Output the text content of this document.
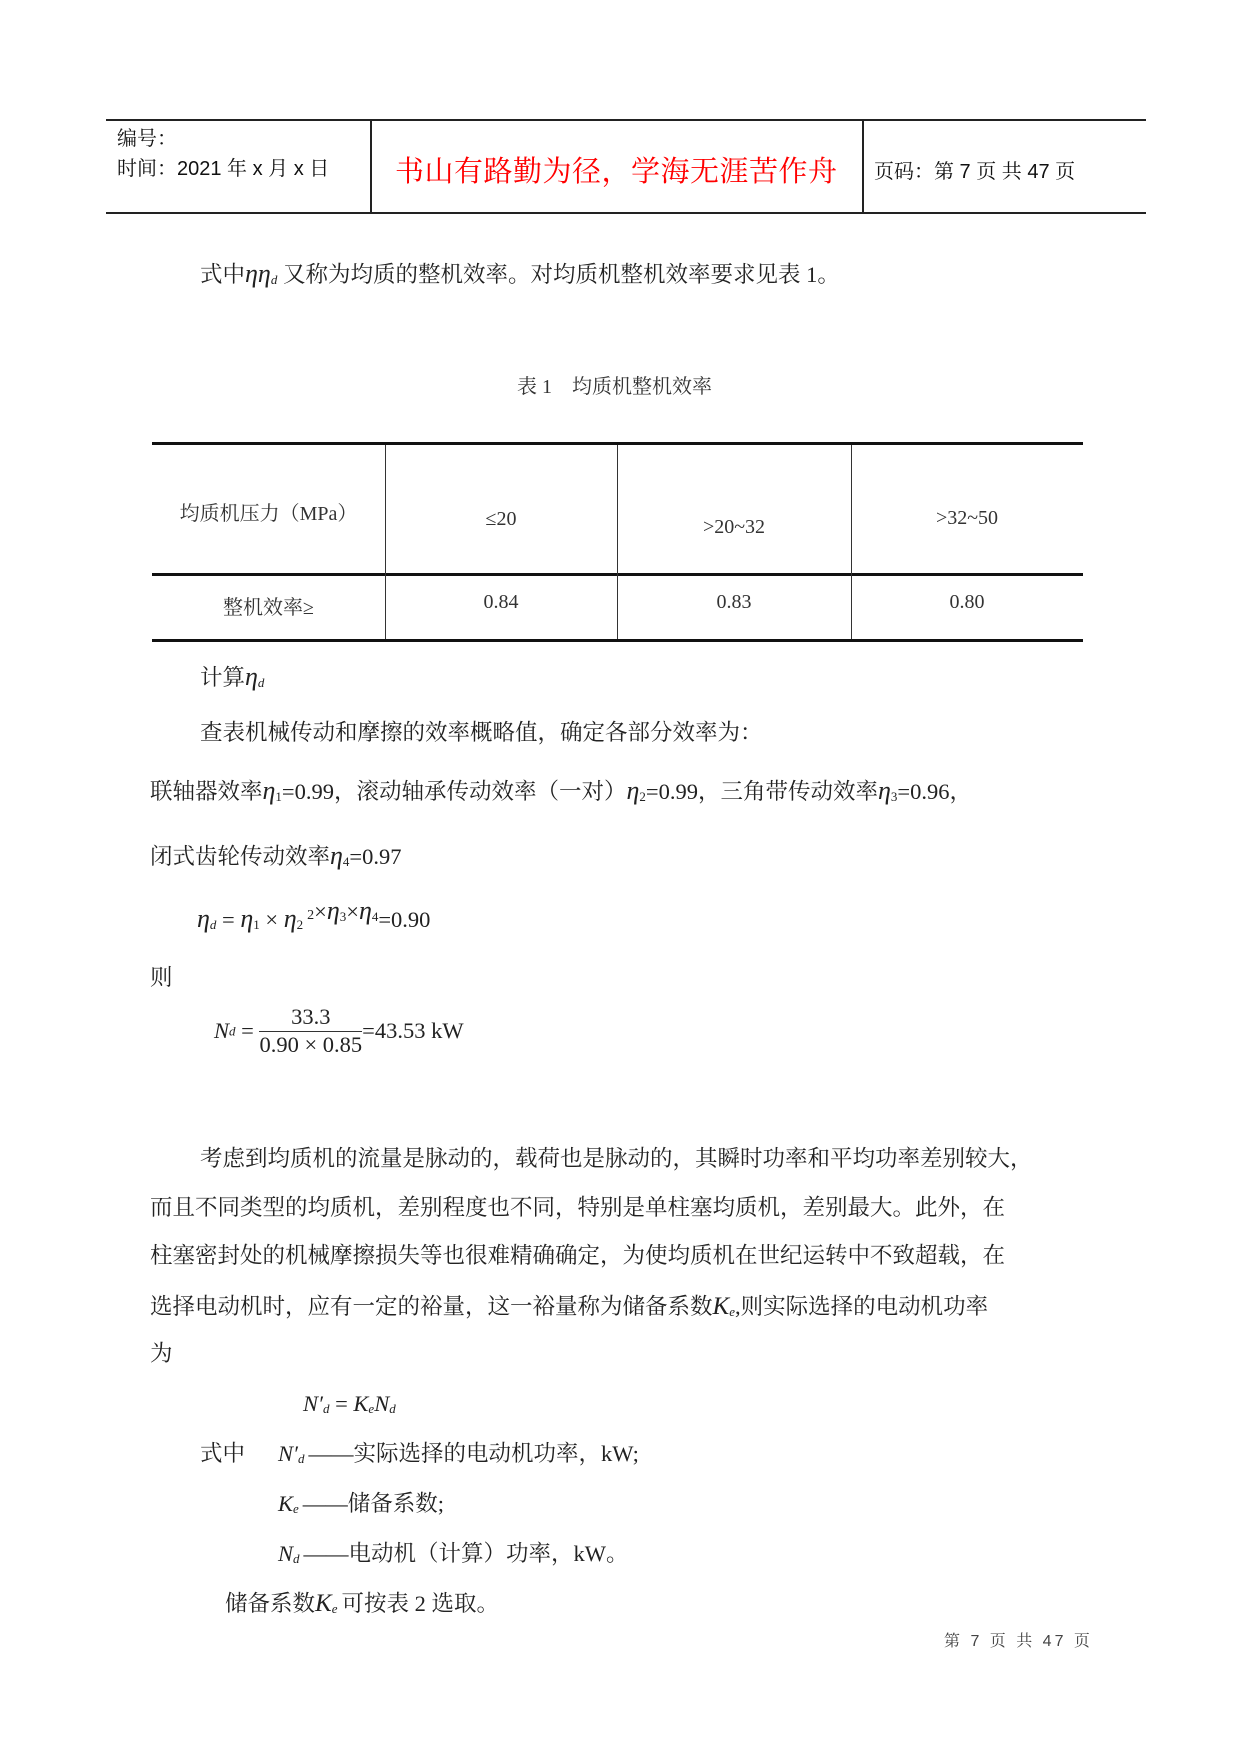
编号：
时间：2021 年 x 月 x 日 书山有路勤为径，学海无涯苦作舟 页码：第 7 页 共 47 页
式中ηηd 又称为均质的整机效率。对均质机整机效率要求见表 1。
表 1    均质机整机效率
均质机压力（MPa）	≤20	>20~32	>32~50
整机效率≥	0.84	0.83	0.80
计算ηd
查表机械传动和摩擦的效率概略值，确定各部分效率为：
联轴器效率η1=0.99，滚动轴承传动效率（一对）η2=0.99，三角带传动效率η3=0.96，
闭式齿轮传动效率η4=0.97
$\eta d = \eta 1 \times \eta 2^2\times\eta^3\times\eta^4=0.90$
则
$Nd = \frac{33.3}{0.90 \times 0.85} =43.53$ kW
考虑到均质机的流量是脉动的，载荷也是脉动的，其瞬时功率和平均功率差别较大，
而且不同类型的均质机，差别程度也不同，特别是单柱塞均质机，差别最大。此外，在
柱塞密封处的机械摩擦损失等也很难精确确定，为使均质机在世纪运转中不致超载，在
选择电动机时，应有一定的裕量，这一裕量称为储备系数Ke,则实际选择的电动机功率
为
N′d = KeNd
式中 N′d ——实际选择的电动机功率，kW;
Ke ——储备系数;
Nd ——电动机（计算）功率，kW。
储备系数Ke 可按表 2 选取。
第 7 页 共 47 页
